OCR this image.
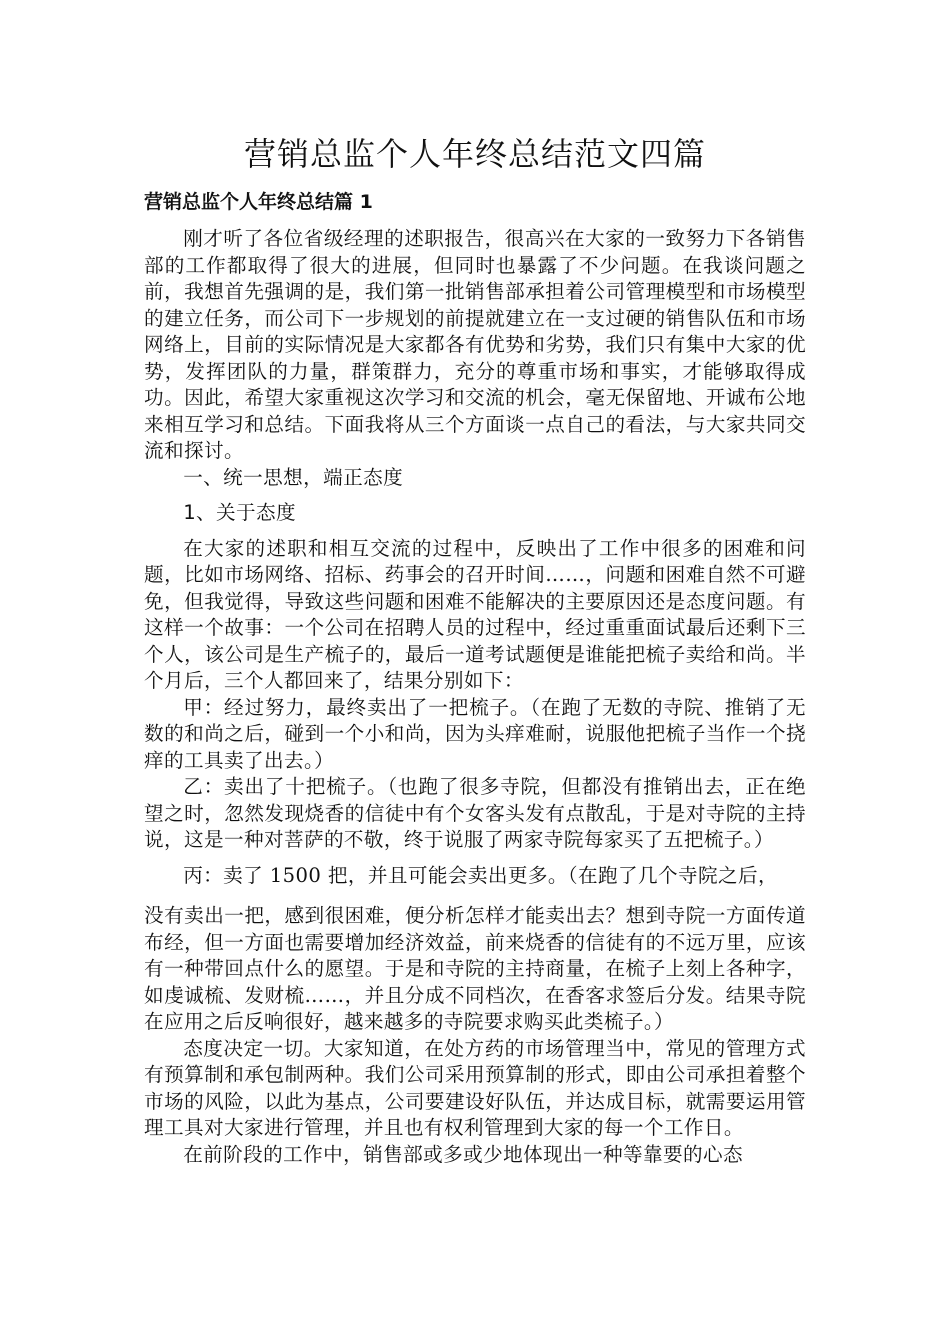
营销总监个人年终总结范文四篇
营销总监个人年终总结篇 1

刚才听了各位省级经理的述职报告，很高兴在大家的一致努力下各销售部的工作都取得了很大的进展，但同时也暴露了不少问题。在我谈问题之前，我想首先强调的是，我们第一批销售部承担着公司管理模型和市场模型的建立任务，而公司下一步规划的前提就建立在一支过硬的销售队伍和市场网络上，目前的实际情况是大家都各有优势和劣势，我们只有集中大家的优势，发挥团队的力量，群策群力，充分的尊重市场和事实，才能够取得成功。因此，希望大家重视这次学习和交流的机会，毫无保留地、开诚布公地来相互学习和总结。下面我将从三个方面谈一点自己的看法，与大家共同交流和探讨。

一、统一思想，端正态度

1、关于态度

在大家的述职和相互交流的过程中，反映出了工作中很多的困难和问题，比如市场网络、招标、药事会的召开时间……，问题和困难自然不可避免，但我觉得，导致这些问题和困难不能解决的主要原因还是态度问题。有这样一个故事：一个公司在招聘人员的过程中，经过重重面试最后还剩下三个人，该公司是生产梳子的，最后一道考试题便是谁能把梳子卖给和尚。半个月后，三个人都回来了，结果分别如下：

甲：经过努力，最终卖出了一把梳子。（在跑了无数的寺院、推销了无数的和尚之后，碰到一个小和尚，因为头痒难耐，说服他把梳子当作一个挠痒的工具卖了出去。）

乙：卖出了十把梳子。（也跑了很多寺院，但都没有推销出去，正在绝望之时，忽然发现烧香的信徒中有个女客头发有点散乱，于是对寺院的主持说，这是一种对菩萨的不敬，终于说服了两家寺院每家买了五把梳子。）

丙：卖了 1500 把，并且可能会卖出更多。（在跑了几个寺院之后，

没有卖出一把，感到很困难，便分析怎样才能卖出去？想到寺院一方面传道布经，但一方面也需要增加经济效益，前来烧香的信徒有的不远万里，应该有一种带回点什么的愿望。于是和寺院的主持商量，在梳子上刻上各种字，如虔诚梳、发财梳……，并且分成不同档次，在香客求签后分发。结果寺院在应用之后反响很好，越来越多的寺院要求购买此类梳子。）

态度决定一切。大家知道，在处方药的市场管理当中，常见的管理方式有预算制和承包制两种。我们公司采用预算制的形式，即由公司承担着整个市场的风险，以此为基点，公司要建设好队伍，并达成目标，就需要运用管理工具对大家进行管理，并且也有权利管理到大家的每一个工作日。

在前阶段的工作中，销售部或多或少地体现出一种等靠要的心态
